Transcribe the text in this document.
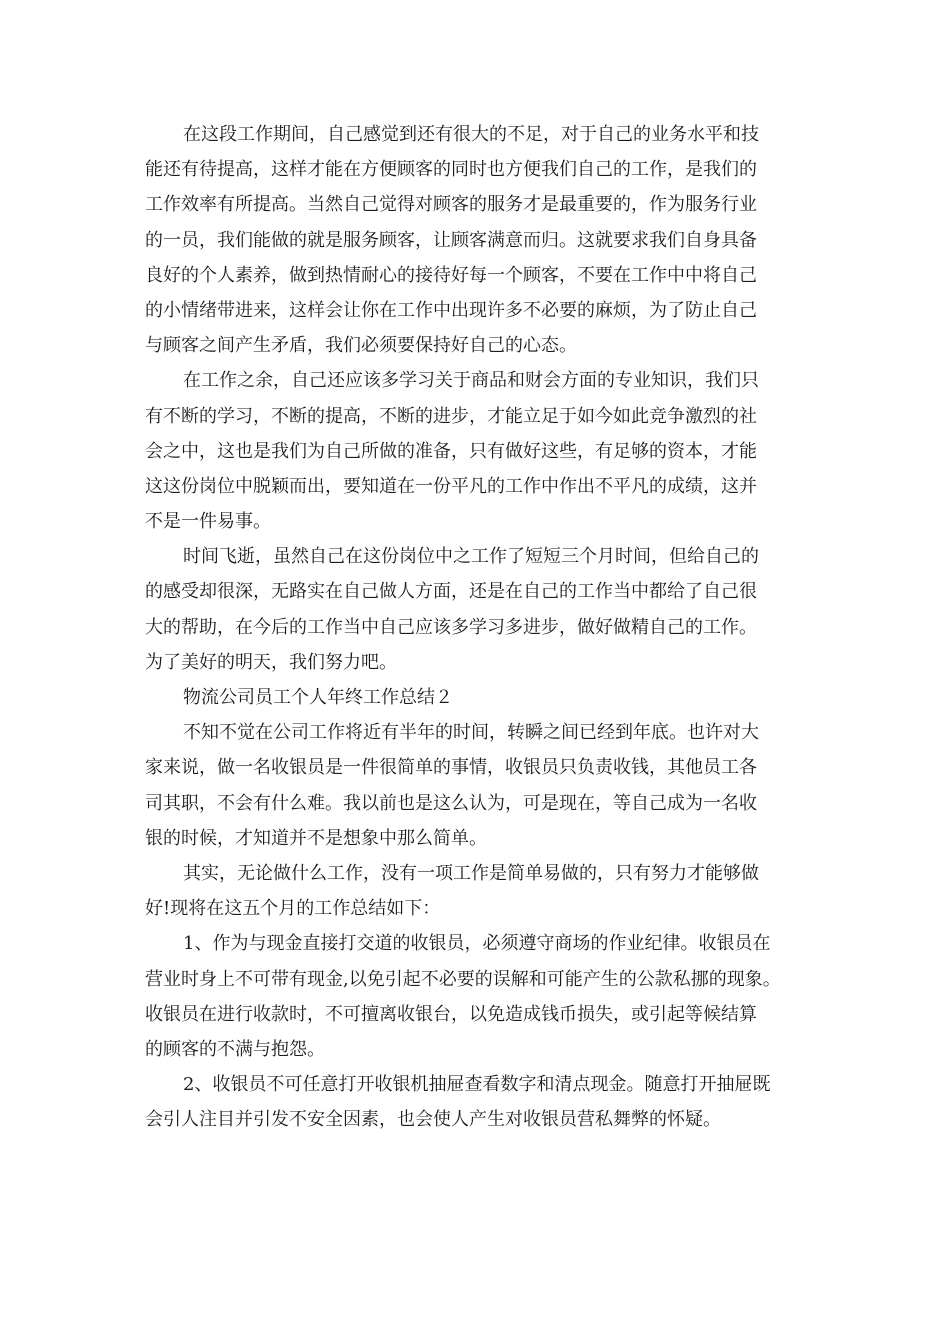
在这段工作期间，自己感觉到还有很大的不足，对于自己的业务水平和技
能还有待提高，这样才能在方便顾客的同时也方便我们自己的工作，是我们的
工作效率有所提高。当然自己觉得对顾客的服务才是最重要的，作为服务行业
的一员，我们能做的就是服务顾客，让顾客满意而归。这就要求我们自身具备
良好的个人素养，做到热情耐心的接待好每一个顾客，不要在工作中中将自己
的小情绪带进来，这样会让你在工作中出现许多不必要的麻烦，为了防止自己
与顾客之间产生矛盾，我们必须要保持好自己的心态。
在工作之余，自己还应该多学习关于商品和财会方面的专业知识，我们只
有不断的学习，不断的提高，不断的进步，才能立足于如今如此竞争激烈的社
会之中，这也是我们为自己所做的准备，只有做好这些，有足够的资本，才能
这这份岗位中脱颖而出，要知道在一份平凡的工作中作出不平凡的成绩，这并
不是一件易事。
时间飞逝，虽然自己在这份岗位中之工作了短短三个月时间，但给自己的
的感受却很深，无路实在自己做人方面，还是在自己的工作当中都给了自己很
大的帮助，在今后的工作当中自己应该多学习多进步，做好做精自己的工作。
为了美好的明天，我们努力吧。
物流公司员工个人年终工作总结２
不知不觉在公司工作将近有半年的时间，转瞬之间已经到年底。也许对大
家来说，做一名收银员是一件很简单的事情，收银员只负责收钱，其他员工各
司其职，不会有什么难。我以前也是这么认为，可是现在，等自己成为一名收
银的时候，才知道并不是想象中那么简单。
其实，无论做什么工作，没有一项工作是简单易做的，只有努力才能够做
好!现将在这五个月的工作总结如下：
1、作为与现金直接打交道的收银员，必须遵守商场的作业纪律。收银员在
营业时身上不可带有现金,以免引起不必要的误解和可能产生的公款私挪的现象。
收银员在进行收款时，不可擅离收银台，以免造成钱币损失，或引起等候结算
的顾客的不满与抱怨。
2、收银员不可任意打开收银机抽屉查看数字和清点现金。随意打开抽屉既
会引人注目并引发不安全因素，也会使人产生对收银员营私舞弊的怀疑。
